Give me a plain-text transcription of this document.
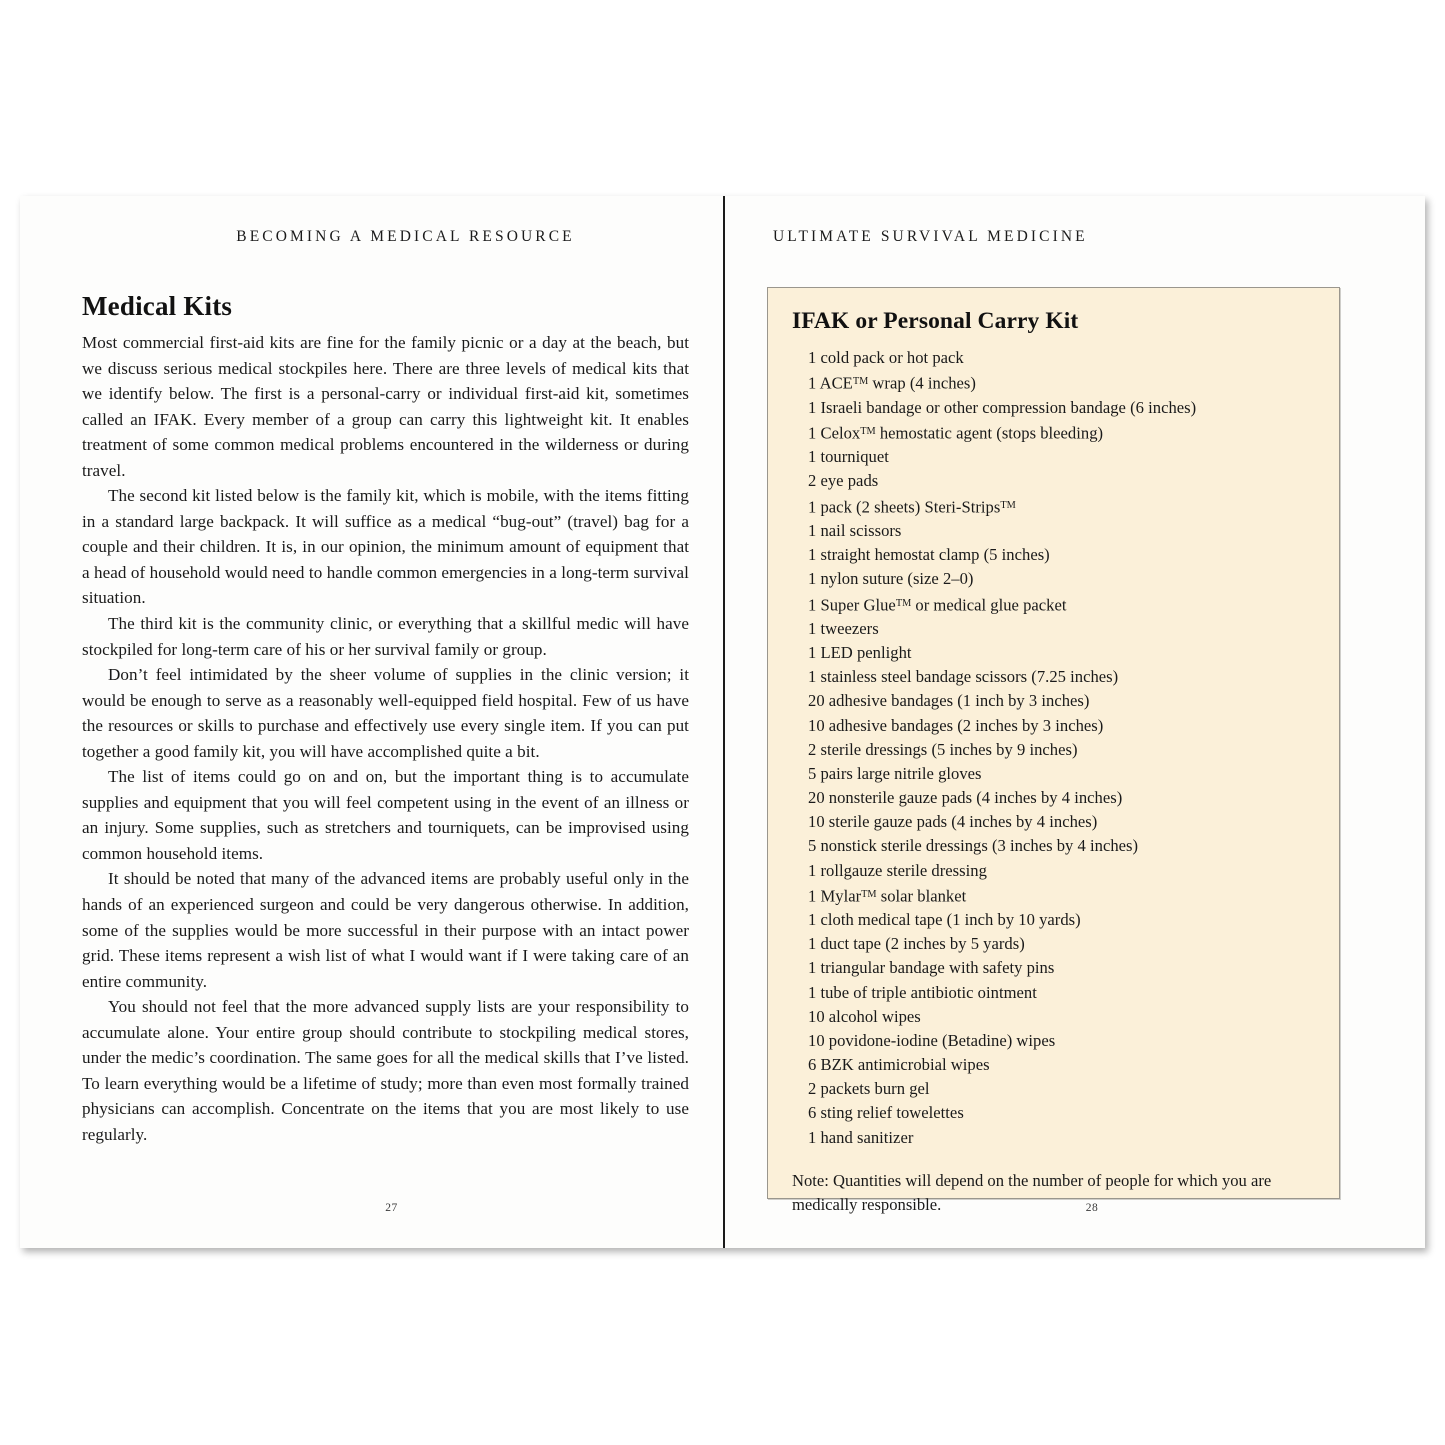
BECOMING A MEDICAL RESOURCE
Medical Kits

Most commercial first-aid kits are fine for the family picnic or a day at the beach, but we discuss serious medical stockpiles here. There are three levels of medical kits that we identify below. The first is a personal-carry or individual first-aid kit, sometimes called an IFAK. Every member of a group can carry this lightweight kit. It enables treatment of some common medical problems encountered in the wilderness or during travel.

The second kit listed below is the family kit, which is mobile, with the items fitting in a standard large backpack. It will suffice as a medical “bug-out” (travel) bag for a couple and their children. It is, in our opinion, the minimum amount of equipment that a head of household would need to handle common emergencies in a long-term survival situation.

The third kit is the community clinic, or everything that a skillful medic will have stockpiled for long-term care of his or her survival family or group.

Don’t feel intimidated by the sheer volume of supplies in the clinic version; it would be enough to serve as a reasonably well-equipped field hospital. Few of us have the resources or skills to purchase and effectively use every single item. If you can put together a good family kit, you will have accomplished quite a bit.

The list of items could go on and on, but the important thing is to accumulate supplies and equipment that you will feel competent using in the event of an illness or an injury. Some supplies, such as stretchers and tourniquets, can be improvised using common household items.

It should be noted that many of the advanced items are probably useful only in the hands of an experienced surgeon and could be very dangerous otherwise. In addition, some of the supplies would be more successful in their purpose with an intact power grid. These items represent a wish list of what I would want if I were taking care of an entire community.

You should not feel that the more advanced supply lists are your responsibility to accumulate alone. Your entire group should contribute to stockpiling medical stores, under the medic’s coordination. The same goes for all the medical skills that I’ve listed. To learn everything would be a lifetime of study; more than even most formally trained physicians can accomplish. Concentrate on the items that you are most likely to use regularly.

27
ULTIMATE SURVIVAL MEDICINE
IFAK or Personal Carry Kit
1 cold pack or hot pack
1 ACE™ wrap (4 inches)
1 Israeli bandage or other compression bandage (6 inches)
1 Celox™ hemostatic agent (stops bleeding)
1 tourniquet
2 eye pads
1 pack (2 sheets) Steri-Strips™
1 nail scissors
1 straight hemostat clamp (5 inches)
1 nylon suture (size 2–0)
1 Super Glue™ or medical glue packet
1 tweezers
1 LED penlight
1 stainless steel bandage scissors (7.25 inches)
20 adhesive bandages (1 inch by 3 inches)
10 adhesive bandages (2 inches by 3 inches)
2 sterile dressings (5 inches by 9 inches)
5 pairs large nitrile gloves
20 nonsterile gauze pads (4 inches by 4 inches)
10 sterile gauze pads (4 inches by 4 inches)
5 nonstick sterile dressings (3 inches by 4 inches)
1 rollgauze sterile dressing
1 Mylar™ solar blanket
1 cloth medical tape (1 inch by 10 yards)
1 duct tape (2 inches by 5 yards)
1 triangular bandage with safety pins
1 tube of triple antibiotic ointment
10 alcohol wipes
10 povidone-iodine (Betadine) wipes
6 BZK antimicrobial wipes
2 packets burn gel
6 sting relief towelettes
1 hand sanitizer

Note: Quantities will depend on the number of people for which you are medically responsible.	28
